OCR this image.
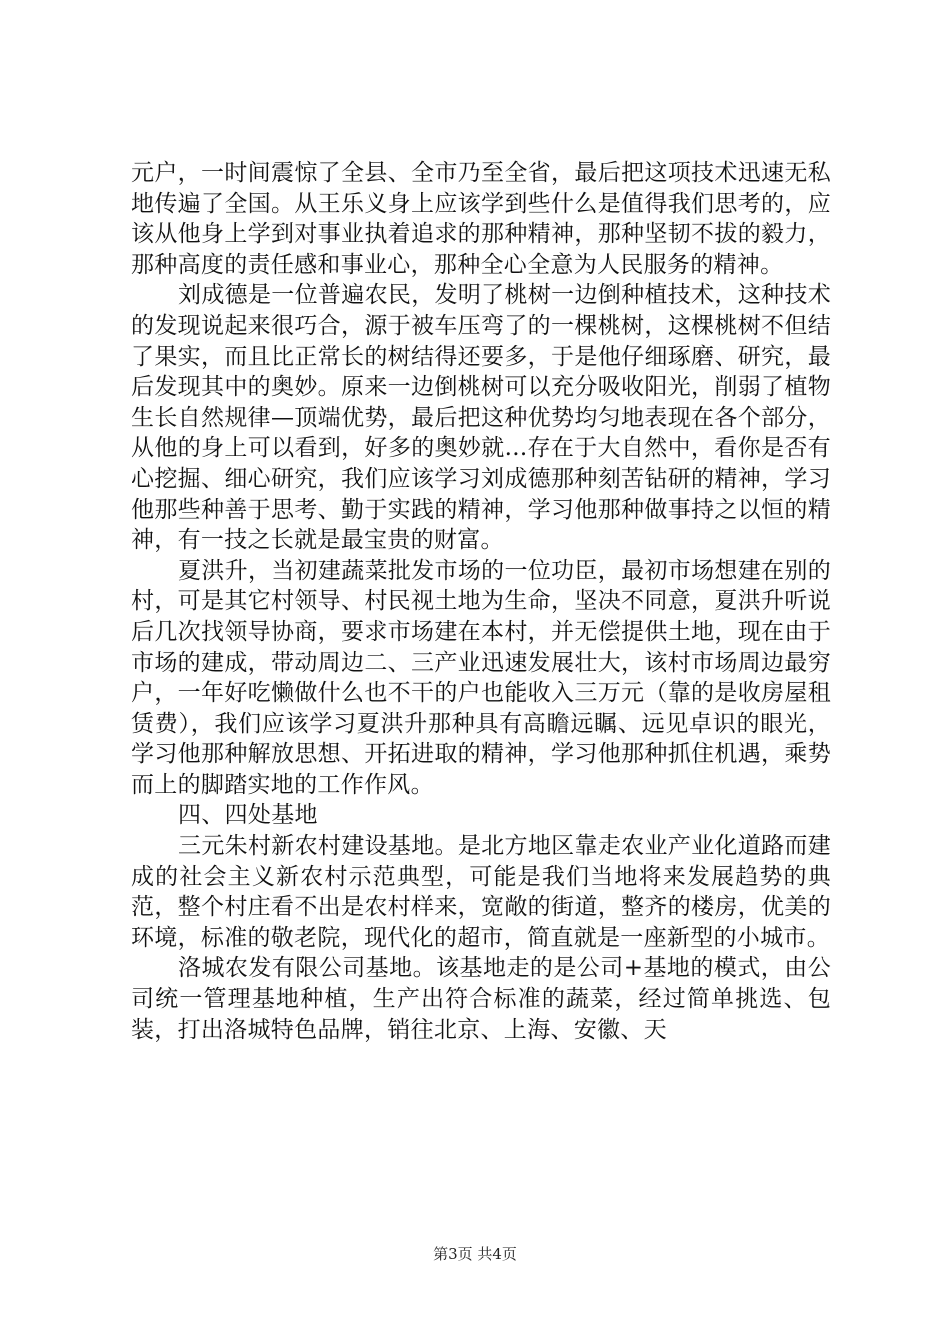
元户，一时间震惊了全县、全市乃至全省，最后把这项技术迅速无私地传遍了全国。从王乐义身上应该学到些什么是值得我们思考的，应该从他身上学到对事业执着追求的那种精神，那种坚韧不拔的毅力，那种高度的责任感和事业心，那种全心全意为人民服务的精神。

刘成德是一位普遍农民，发明了桃树一边倒种植技术，这种技术的发现说起来很巧合，源于被车压弯了的一棵桃树，这棵桃树不但结了果实，而且比正常长的树结得还要多，于是他仔细琢磨、研究，最后发现其中的奥妙。原来一边倒桃树可以充分吸收阳光，削弱了植物生长自然规律—顶端优势，最后把这种优势均匀地表现在各个部分，从他的身上可以看到，好多的奥妙就...存在于大自然中，看你是否有心挖掘、细心研究，我们应该学习刘成德那种刻苦钻研的精神，学习他那些种善于思考、勤于实践的精神，学习他那种做事持之以恒的精神，有一技之长就是最宝贵的财富。

夏洪升，当初建蔬菜批发市场的一位功臣，最初市场想建在别的村，可是其它村领导、村民视土地为生命，坚决不同意，夏洪升听说后几次找领导协商，要求市场建在本村，并无偿提供土地，现在由于市场的建成，带动周边二、三产业迅速发展壮大，该村市场周边最穷户，一年好吃懒做什么也不干的户也能收入三万元（靠的是收房屋租赁费），我们应该学习夏洪升那种具有高瞻远瞩、远见卓识的眼光，学习他那种解放思想、开拓进取的精神，学习他那种抓住机遇，乘势而上的脚踏实地的工作作风。

四、四处基地

三元朱村新农村建设基地。是北方地区靠走农业产业化道路而建成的社会主义新农村示范典型，可能是我们当地将来发展趋势的典范，整个村庄看不出是农村样来，宽敞的街道，整齐的楼房，优美的环境，标准的敬老院，现代化的超市，简直就是一座新型的小城市。

洛城农发有限公司基地。该基地走的是公司+基地的模式，由公司统一管理基地种植，生产出符合标准的蔬菜，经过简单挑选、包装，打出洛城特色品牌，销往北京、上海、安徽、天

第3页 共4页
